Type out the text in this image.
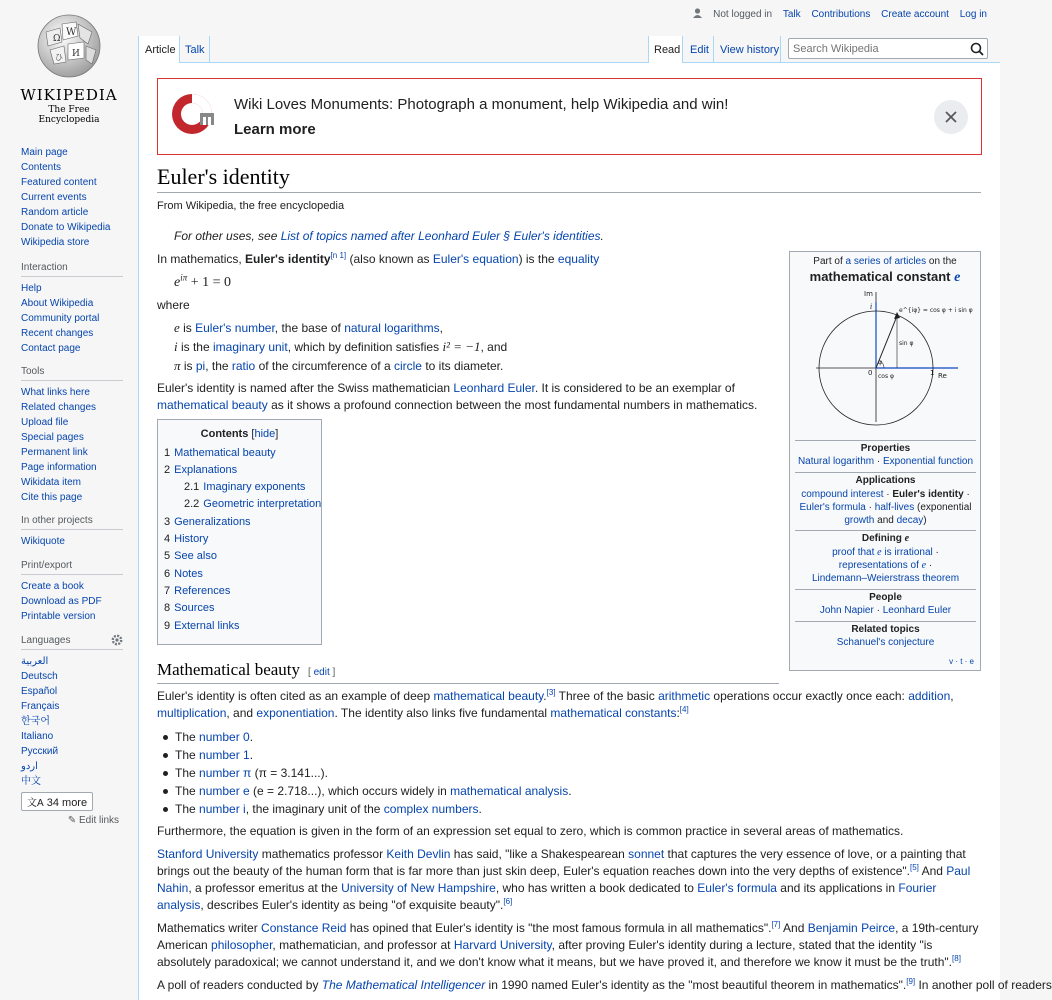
Ω
W
И
ひ
WIKIPEDIA
The Free Encyclopedia
Main page
Contents
Featured content
Current events
Random article
Donate to Wikipedia
Wikipedia store
Interaction
Help
About Wikipedia
Community portal
Recent changes
Contact page
Tools
What links here
Related changes
Upload file
Special pages
Permanent link
Page information
Wikidata item
Cite this page
In other projects
Wikiquote
Print/export
Create a book
Download as PDF
Printable version
Languages
العربية
Deutsch
Español
Français
한국어
Italiano
Русский
اردو
中文
文A 34 more
✎ Edit links
Not logged in Talk Contributions Create account Log in
Article Talk	Read Edit View history
Search Wikipedia
Wiki Loves Monuments: Photograph a monument, help Wikipedia and win!
Learn more
Euler's identity
From Wikipedia, the free encyclopedia
For other uses, see List of topics named after Leonhard Euler § Euler's identities.
In mathematics, Euler's identity[n 1] (also known as Euler's equation) is the equality
$e^{i\pi} + 1 = 0$
where
e is Euler's number, the base of natural logarithms,
i is the imaginary unit, which by definition satisfies i² = −1, and
π is pi, the ratio of the circumference of a circle to its diameter.
Euler's identity is named after the Swiss mathematician Leonhard Euler. It is considered to be an exemplar of mathematical beauty as it shows a profound connection between the most fundamental numbers in mathematics.
Contents [hide]
1 Mathematical beauty
2 Explanations
2.1 Imaginary exponents
2.2 Geometric interpretation
3 Generalizations
4 History
5 See also
6 Notes
7 References
8 Sources
9 External links
Part of a series of articles on the
mathematical constant e
Im
i	e^{iφ} = cos φ + i sin φ
sin φ
cos φ
0	1 Re
φ
Properties
Natural logarithm · Exponential function
Applications
compound interest · Euler's identity · Euler's formula · half-lives (exponential growth and decay)
Defining e
proof that e is irrational ·
representations of e ·
Lindemann–Weierstrass theorem
People
John Napier · Leonhard Euler
Related topics
Schanuel's conjecture
v · t · e
Mathematical beauty [ edit ]
Euler's identity is often cited as an example of deep mathematical beauty.[3] Three of the basic arithmetic operations occur exactly once each: addition, multiplication, and exponentiation. The identity also links five fundamental mathematical constants:[4]
The number 0.
The number 1.
The number π (π = 3.141...).
The number e (e = 2.718...), which occurs widely in mathematical analysis.
The number i, the imaginary unit of the complex numbers.
Furthermore, the equation is given in the form of an expression set equal to zero, which is common practice in several areas of mathematics.
Stanford University mathematics professor Keith Devlin has said, "like a Shakespearean sonnet that captures the very essence of love, or a painting that brings out the beauty of the human form that is far more than just skin deep, Euler's equation reaches down into the very depths of existence".[5] And Paul Nahin, a professor emeritus at the University of New Hampshire, who has written a book dedicated to Euler's formula and its applications in Fourier analysis, describes Euler's identity as being "of exquisite beauty".[6]
Mathematics writer Constance Reid has opined that Euler's identity is "the most famous formula in all mathematics".[7] And Benjamin Peirce, a 19th-century American philosopher, mathematician, and professor at Harvard University, after proving Euler's identity during a lecture, stated that the identity "is absolutely paradoxical; we cannot understand it, and we don't know what it means, but we have proved it, and therefore we know it must be the truth".[8]
A poll of readers conducted by The Mathematical Intelligencer in 1990 named Euler's identity as the "most beautiful theorem in mathematics".[9] In another poll of readers
